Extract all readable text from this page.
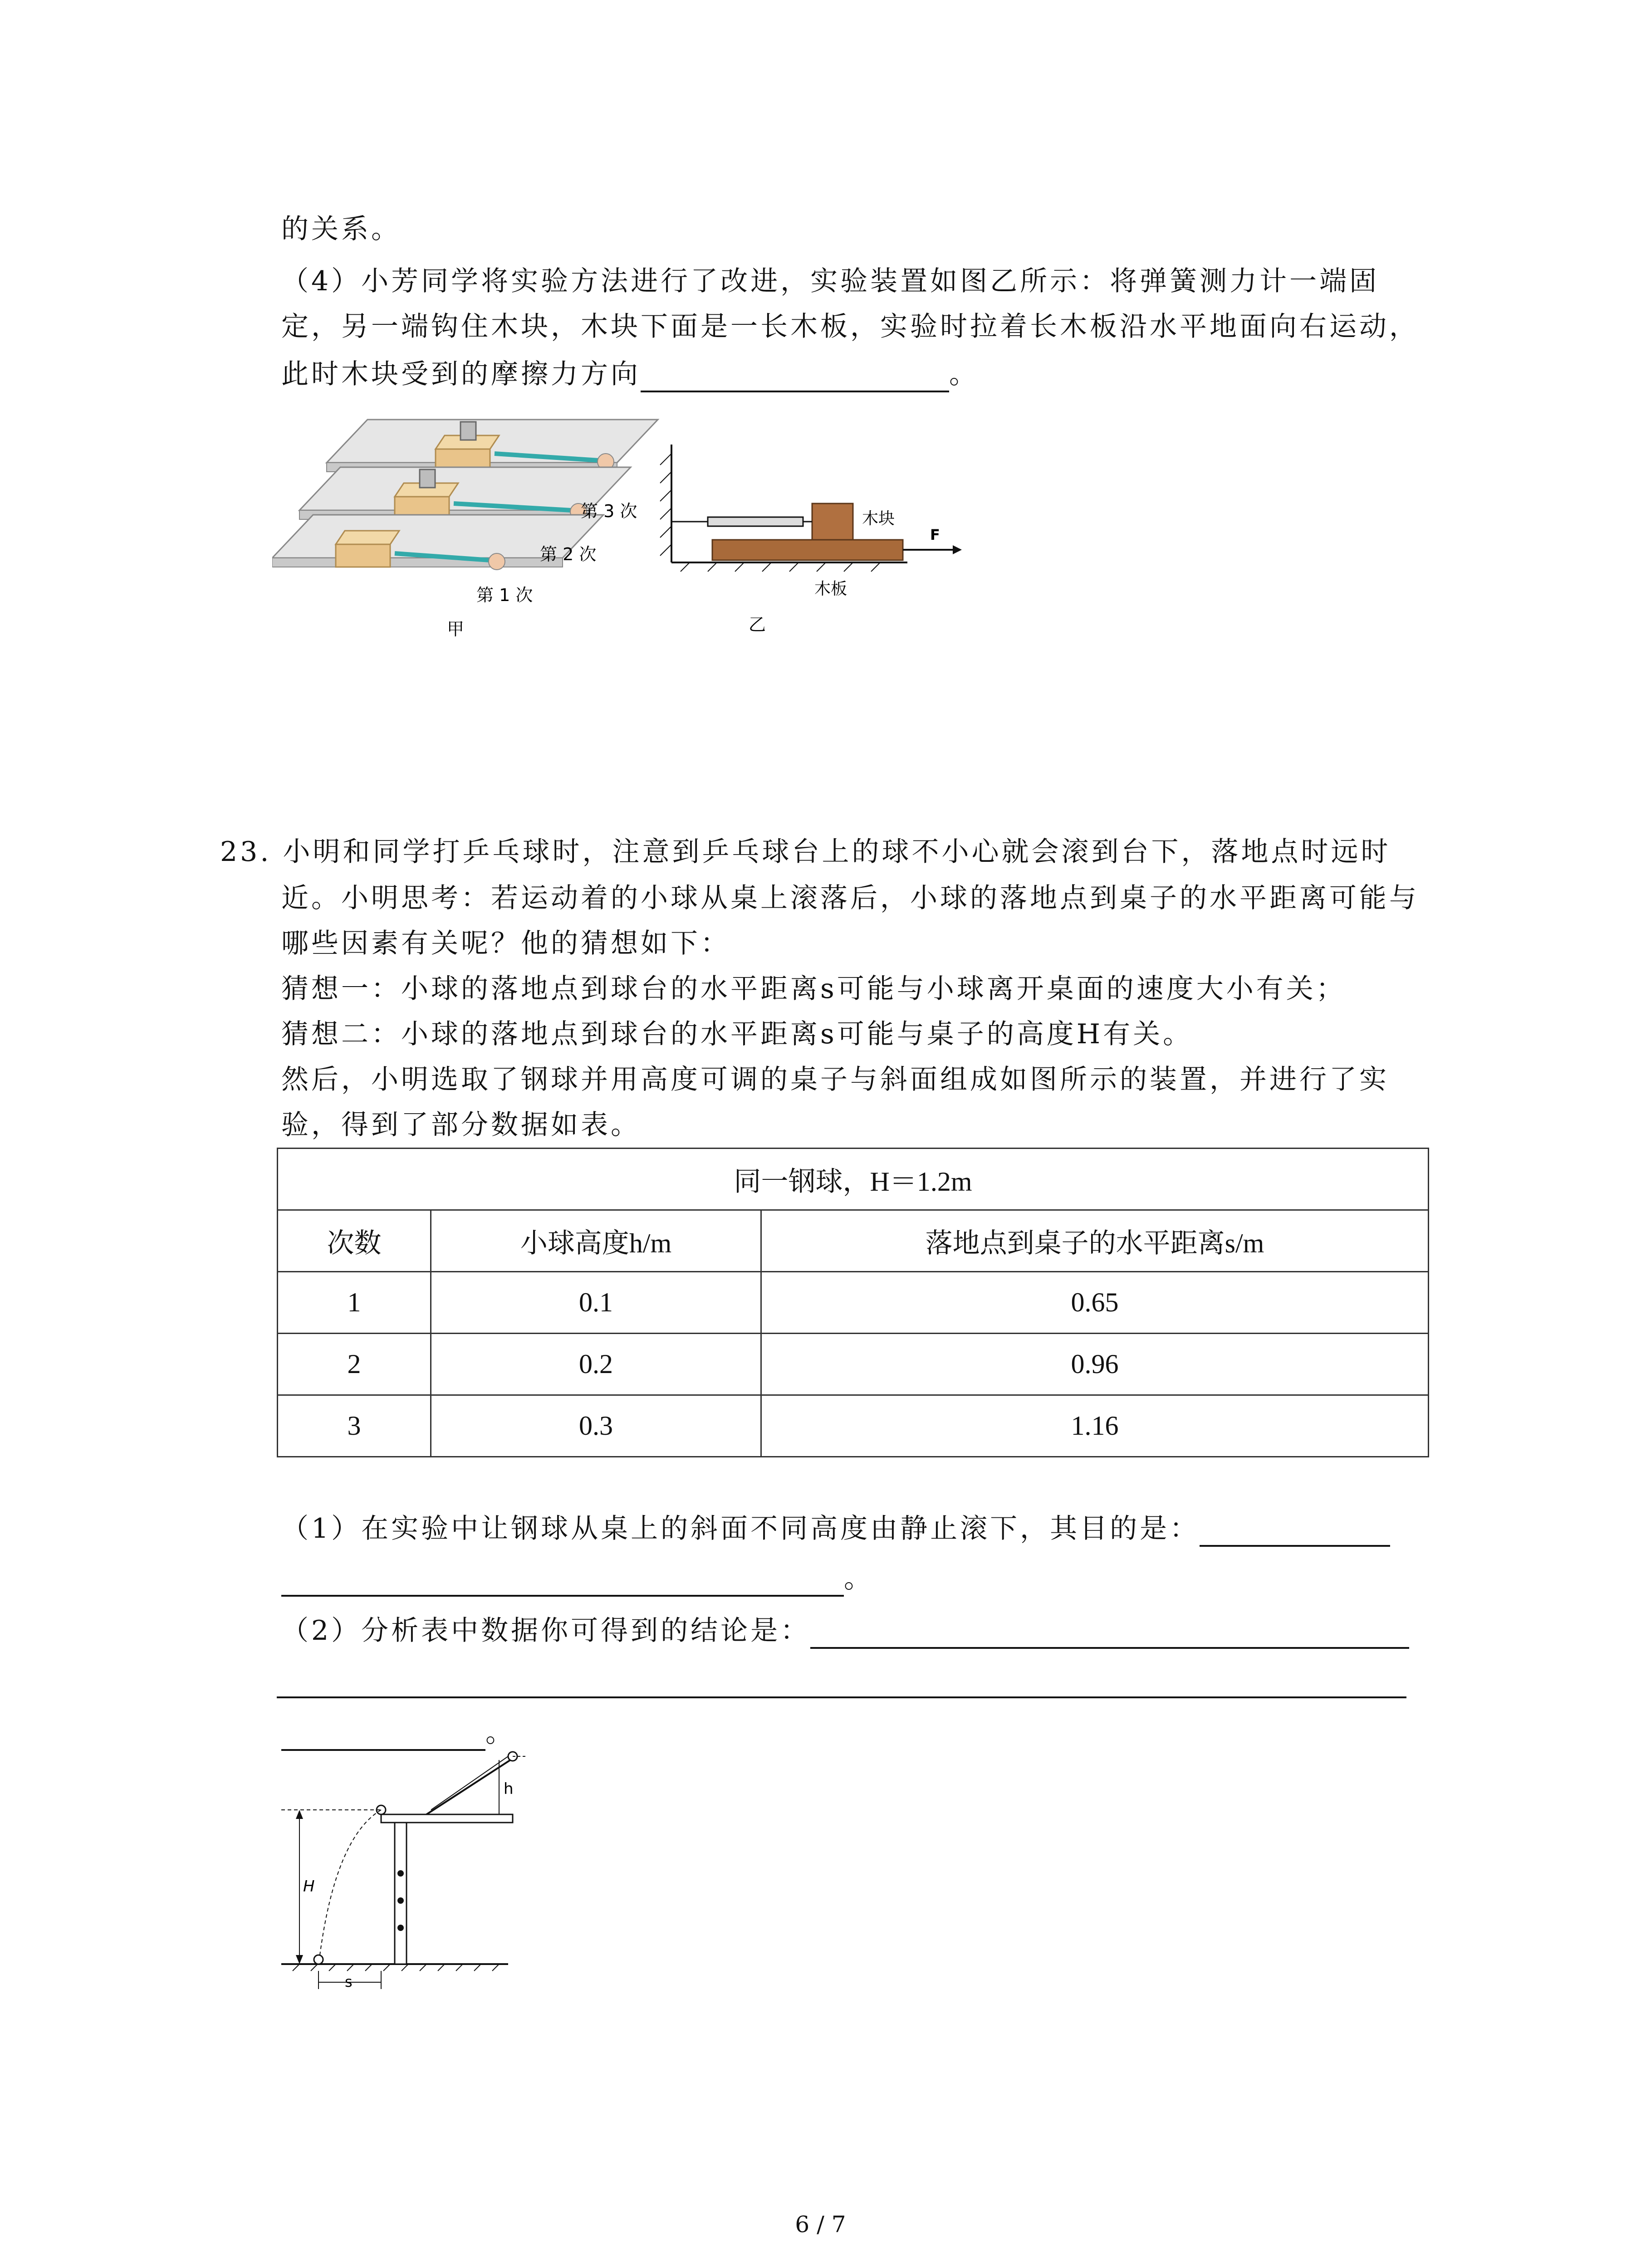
的关系。
（4）小芳同学将实验方法进行了改进，实验装置如图乙所示：将弹簧测力计一端固
定，另一端钩住木块，木块下面是一长木板，实验时拉着长木板沿水平地面向右运动，
此时木块受到的摩擦力方向	。
第 3 次
第 2 次
第 1 次
甲
木块
F
木板
乙
23. 小明和同学打乒乓球时，注意到乒乓球台上的球不小心就会滚到台下，落地点时远时
近。小明思考：若运动着的小球从桌上滚落后，小球的落地点到桌子的水平距离可能与
哪些因素有关呢？他的猜想如下：
猜想一：小球的落地点到球台的水平距离s可能与小球离开桌面的速度大小有关；
猜想二：小球的落地点到球台的水平距离s可能与桌子的高度H有关。
然后，小明选取了钢球并用高度可调的桌子与斜面组成如图所示的装置，并进行了实
验，得到了部分数据如表。
同一钢球，H＝1.2m		
次数	小球高度h/m	落地点到桌子的水平距离s/m
1	0.1	0.65
2	0.2	0.96
3	0.3	1.16
（1）在实验中让钢球从桌上的斜面不同高度由静止滚下，其目的是：
。
（2）分析表中数据你可得到的结论是：
。
H
h
s
6 / 7
